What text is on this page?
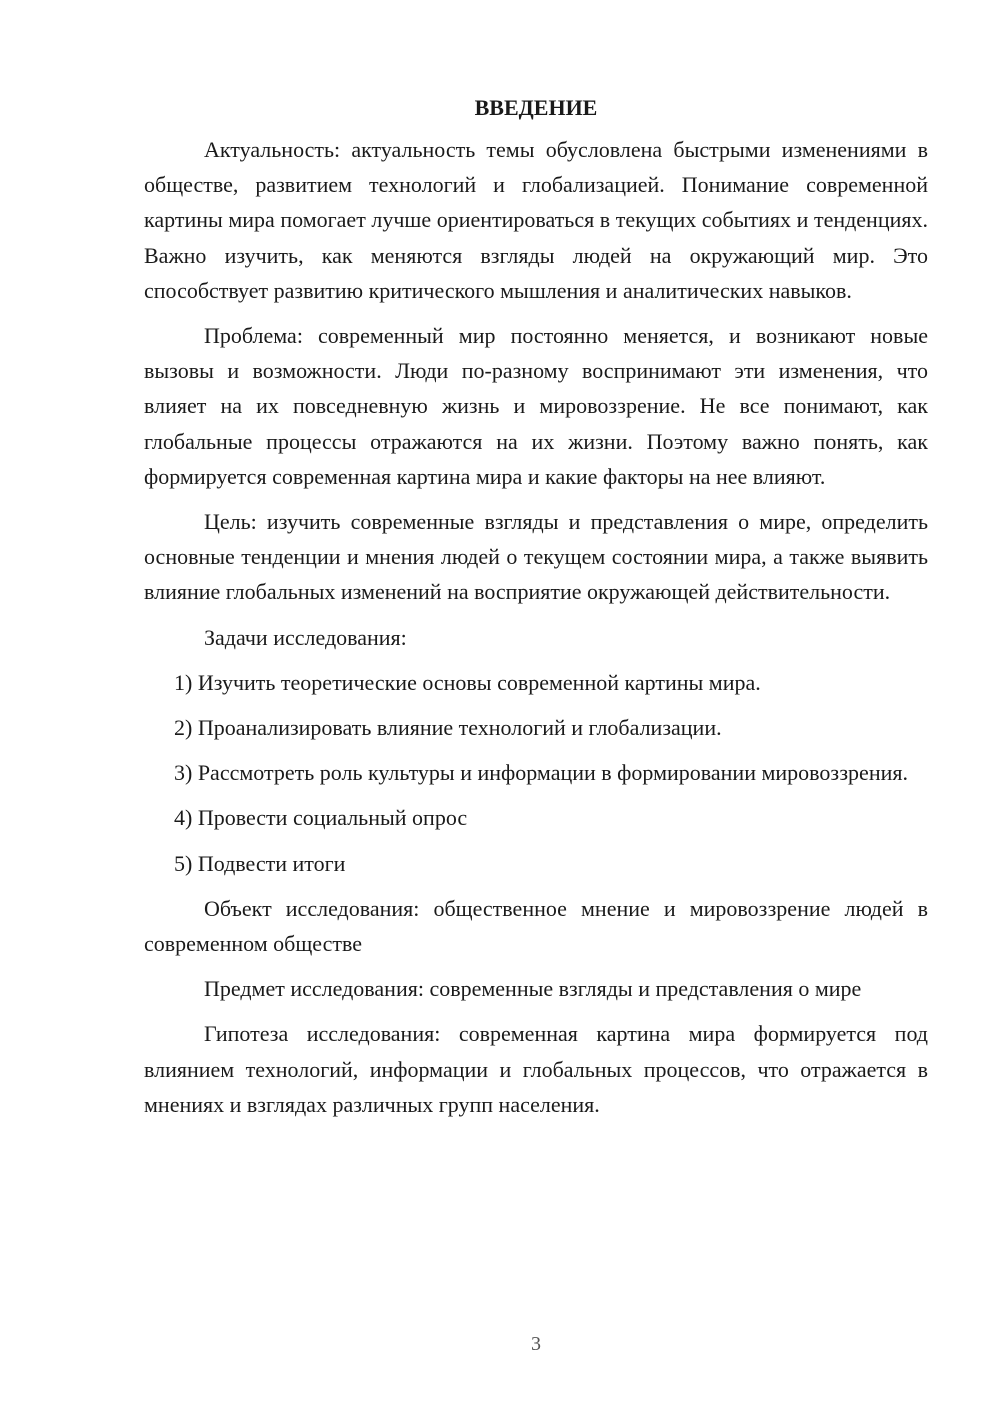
ВВЕДЕНИЕ

Актуальность: актуальность темы обусловлена быстрыми изменениями в обществе, развитием технологий и глобализацией. Понимание современной картины мира помогает лучше ориентироваться в текущих событиях и тенденциях. Важно изучить, как меняются взгляды людей на окружающий мир. Это способствует развитию критического мышления и аналитических навыков.

Проблема: современный мир постоянно меняется, и возникают новые вызовы и возможности. Люди по-разному воспринимают эти изменения, что влияет на их повседневную жизнь и мировоззрение. Не все понимают, как глобальные процессы отражаются на их жизни. Поэтому важно понять, как формируется современная картина мира и какие факторы на нее влияют.

Цель: изучить современные взгляды и представления о мире, определить основные тенденции и мнения людей о текущем состоянии мира, а также выявить влияние глобальных изменений на восприятие окружающей действительности.

Задачи исследования:

1) Изучить теоретические основы современной картины мира.

2) Проанализировать влияние технологий и глобализации.

3) Рассмотреть роль культуры и информации в формировании мировоззрения.

4) Провести социальный опрос

5) Подвести итоги

Объект исследования: общественное мнение и мировоззрение людей в современном обществе

Предмет исследования: современные взгляды и представления о мире

Гипотеза исследования: современная картина мира формируется под влиянием технологий, информации и глобальных процессов, что отражается в мнениях и взглядах различных групп населения.

3
